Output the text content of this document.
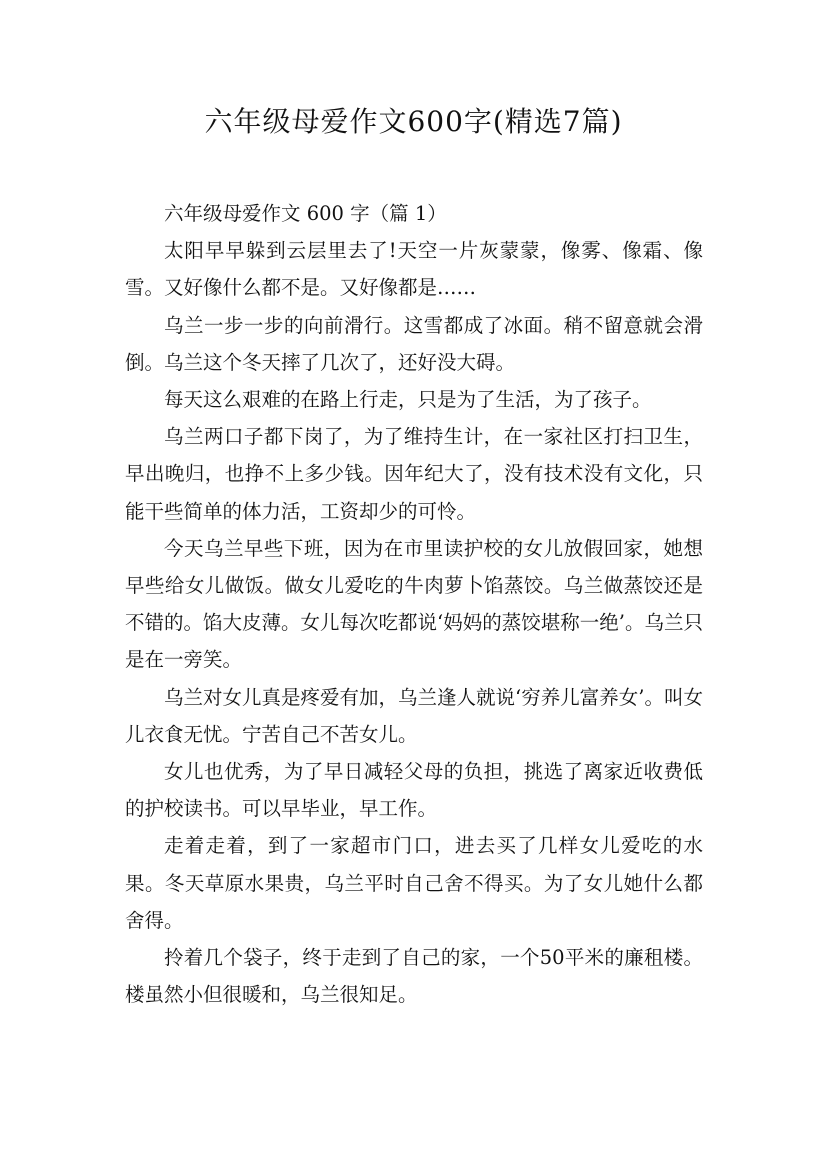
六年级母爱作文600字(精选7篇)

六年级母爱作文 600 字（篇 1）

太阳早早躲到云层里去了!天空一片灰蒙蒙，像雾、像霜、像雪。又好像什么都不是。又好像都是……

乌兰一步一步的向前滑行。这雪都成了冰面。稍不留意就会滑倒。乌兰这个冬天摔了几次了，还好没大碍。

每天这么艰难的在路上行走，只是为了生活，为了孩子。

乌兰两口子都下岗了，为了维持生计，在一家社区打扫卫生，早出晚归，也挣不上多少钱。因年纪大了，没有技术没有文化，只能干些简单的体力活，工资却少的可怜。

今天乌兰早些下班，因为在市里读护校的女儿放假回家，她想早些给女儿做饭。做女儿爱吃的牛肉萝卜馅蒸饺。乌兰做蒸饺还是不错的。馅大皮薄。女儿每次吃都说‘妈妈的蒸饺堪称一绝’。乌兰只是在一旁笑。

乌兰对女儿真是疼爱有加，乌兰逢人就说‘穷养儿富养女’。叫女儿衣食无忧。宁苦自己不苦女儿。

女儿也优秀，为了早日减轻父母的负担，挑选了离家近收费低的护校读书。可以早毕业，早工作。

走着走着，到了一家超市门口，进去买了几样女儿爱吃的水果。冬天草原水果贵，乌兰平时自己舍不得买。为了女儿她什么都舍得。

拎着几个袋子，终于走到了自己的家，一个50平米的廉租楼。楼虽然小但很暖和，乌兰很知足。
